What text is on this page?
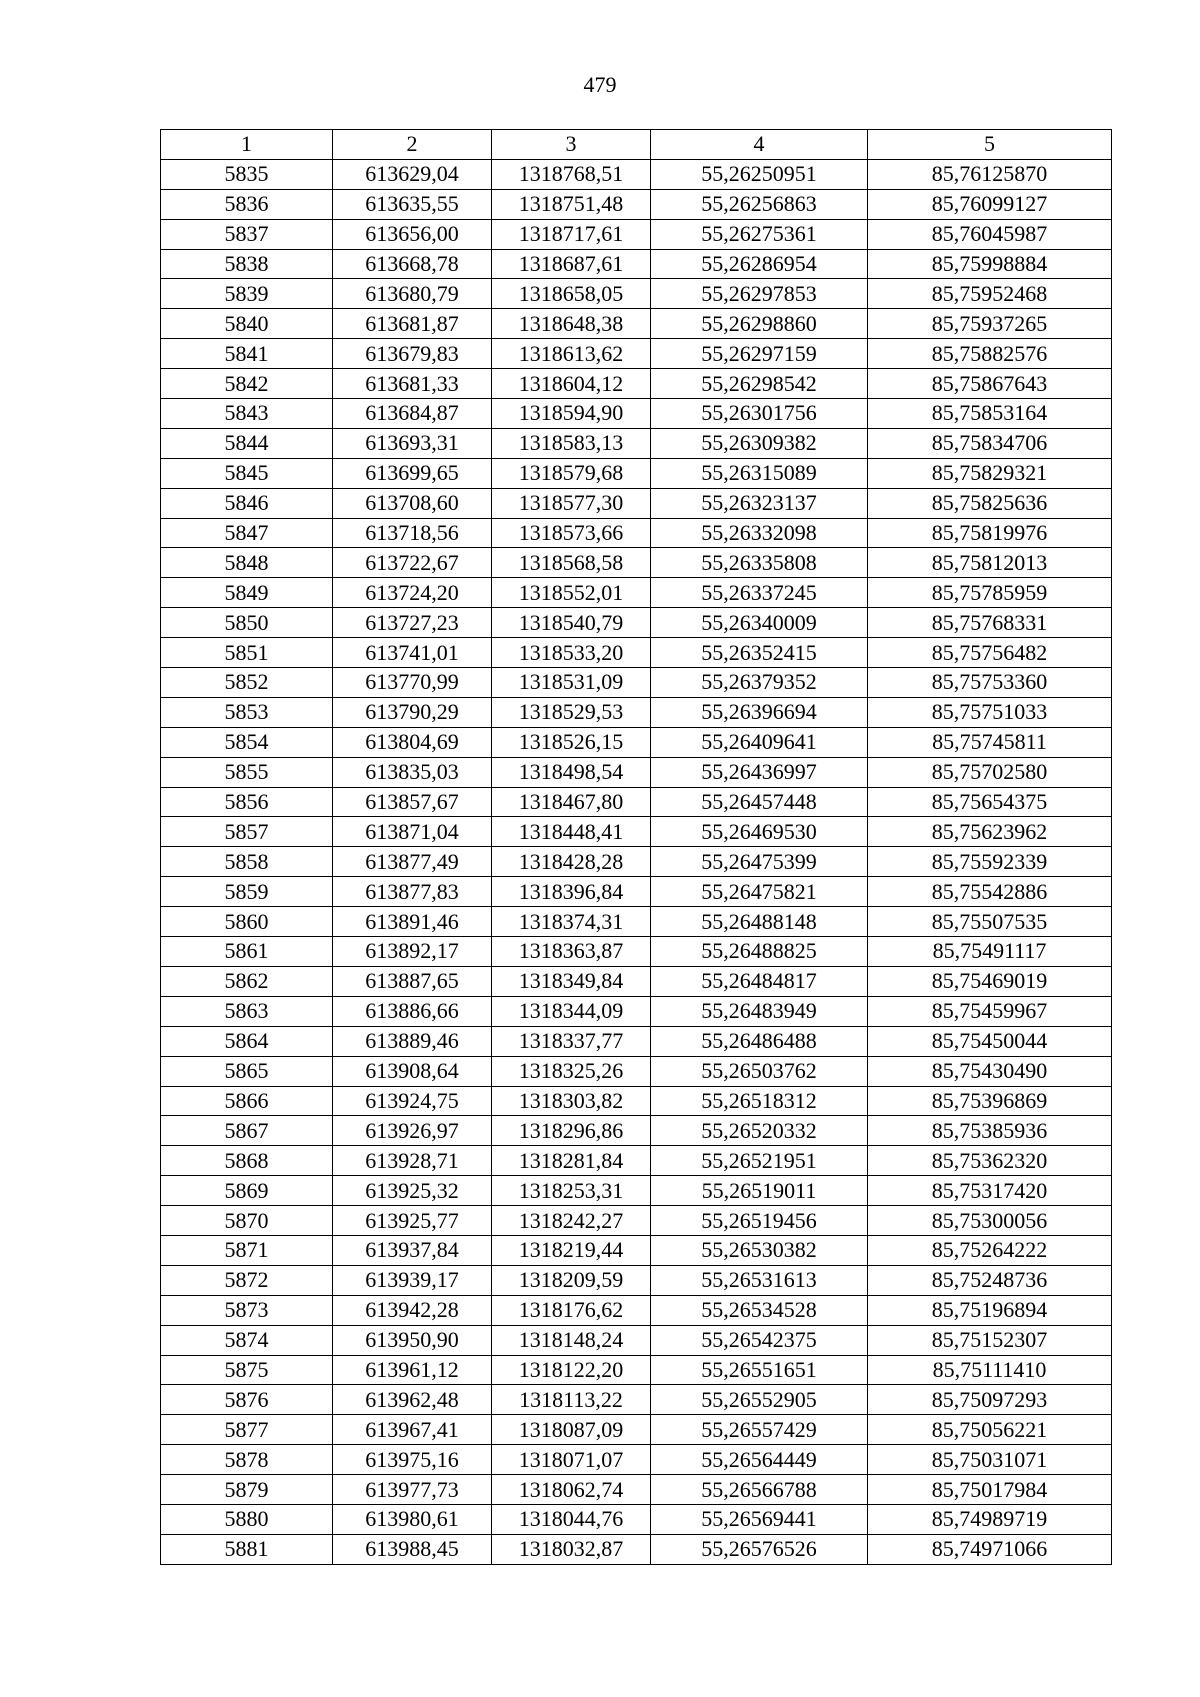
479
1	2	3	4	5
5835	613629,04	1318768,51	55,26250951	85,76125870
5836	613635,55	1318751,48	55,26256863	85,76099127
5837	613656,00	1318717,61	55,26275361	85,76045987
5838	613668,78	1318687,61	55,26286954	85,75998884
5839	613680,79	1318658,05	55,26297853	85,75952468
5840	613681,87	1318648,38	55,26298860	85,75937265
5841	613679,83	1318613,62	55,26297159	85,75882576
5842	613681,33	1318604,12	55,26298542	85,75867643
5843	613684,87	1318594,90	55,26301756	85,75853164
5844	613693,31	1318583,13	55,26309382	85,75834706
5845	613699,65	1318579,68	55,26315089	85,75829321
5846	613708,60	1318577,30	55,26323137	85,75825636
5847	613718,56	1318573,66	55,26332098	85,75819976
5848	613722,67	1318568,58	55,26335808	85,75812013
5849	613724,20	1318552,01	55,26337245	85,75785959
5850	613727,23	1318540,79	55,26340009	85,75768331
5851	613741,01	1318533,20	55,26352415	85,75756482
5852	613770,99	1318531,09	55,26379352	85,75753360
5853	613790,29	1318529,53	55,26396694	85,75751033
5854	613804,69	1318526,15	55,26409641	85,75745811
5855	613835,03	1318498,54	55,26436997	85,75702580
5856	613857,67	1318467,80	55,26457448	85,75654375
5857	613871,04	1318448,41	55,26469530	85,75623962
5858	613877,49	1318428,28	55,26475399	85,75592339
5859	613877,83	1318396,84	55,26475821	85,75542886
5860	613891,46	1318374,31	55,26488148	85,75507535
5861	613892,17	1318363,87	55,26488825	85,75491117
5862	613887,65	1318349,84	55,26484817	85,75469019
5863	613886,66	1318344,09	55,26483949	85,75459967
5864	613889,46	1318337,77	55,26486488	85,75450044
5865	613908,64	1318325,26	55,26503762	85,75430490
5866	613924,75	1318303,82	55,26518312	85,75396869
5867	613926,97	1318296,86	55,26520332	85,75385936
5868	613928,71	1318281,84	55,26521951	85,75362320
5869	613925,32	1318253,31	55,26519011	85,75317420
5870	613925,77	1318242,27	55,26519456	85,75300056
5871	613937,84	1318219,44	55,26530382	85,75264222
5872	613939,17	1318209,59	55,26531613	85,75248736
5873	613942,28	1318176,62	55,26534528	85,75196894
5874	613950,90	1318148,24	55,26542375	85,75152307
5875	613961,12	1318122,20	55,26551651	85,75111410
5876	613962,48	1318113,22	55,26552905	85,75097293
5877	613967,41	1318087,09	55,26557429	85,75056221
5878	613975,16	1318071,07	55,26564449	85,75031071
5879	613977,73	1318062,74	55,26566788	85,75017984
5880	613980,61	1318044,76	55,26569441	85,74989719
5881	613988,45	1318032,87	55,26576526	85,74971066
